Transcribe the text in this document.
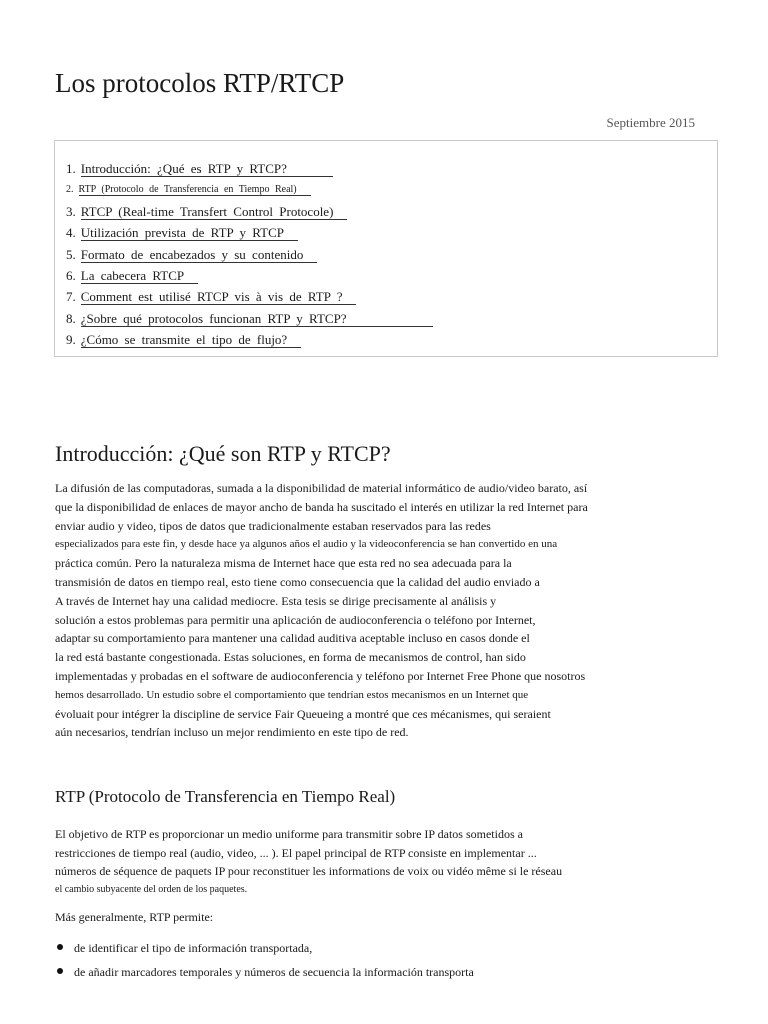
Los protocolos RTP/RTCP
Septiembre 2015
1. Introducción: ¿Qué es RTP y RTCP?
2. RTP (Protocolo de Transferencia en Tiempo Real)
3. RTCP (Real-time Transfert Control Protocole)
4. Utilización prevista de RTP y RTCP
5. Formato de encabezados y su contenido
6. La cabecera RTCP
7. Comment est utilisé RTCP vis à vis de RTP ?
8. ¿Sobre qué protocolos funcionan RTP y RTCP?
9. ¿Cómo se transmite el tipo de flujo?
Introducción: ¿Qué son RTP y RTCP?
La difusión de las computadoras, sumada a la disponibilidad de material informático de audio/video barato, así
que la disponibilidad de enlaces de mayor ancho de banda ha suscitado el interés en utilizar la red Internet para
enviar audio y video, tipos de datos que tradicionalmente estaban reservados para las redes
especializados para este fin, y desde hace ya algunos años el audio y la videoconferencia se han convertido en una
práctica común. Pero la naturaleza misma de Internet hace que esta red no sea adecuada para la
transmisión de datos en tiempo real, esto tiene como consecuencia que la calidad del audio enviado a
A través de Internet hay una calidad mediocre. Esta tesis se dirige precisamente al análisis y
solución a estos problemas para permitir una aplicación de audioconferencia o teléfono por Internet,
adaptar su comportamiento para mantener una calidad auditiva aceptable incluso en casos donde el
la red está bastante congestionada. Estas soluciones, en forma de mecanismos de control, han sido
implementadas y probadas en el software de audioconferencia y teléfono por Internet Free Phone que nosotros
hemos desarrollado. Un estudio sobre el comportamiento que tendrían estos mecanismos en un Internet que
évoluait pour intégrer la discipline de service Fair Queueing a montré que ces mécanismes, qui seraient
aún necesarios, tendrían incluso un mejor rendimiento en este tipo de red.
RTP (Protocolo de Transferencia en Tiempo Real)
El objetivo de RTP es proporcionar un medio uniforme para transmitir sobre IP datos sometidos a
restricciones de tiempo real (audio, video, ... ). El papel principal de RTP consiste en implementar ...
números de séquence de paquets IP pour reconstituer les informations de voix ou vidéo même si le réseau
el cambio subyacente del orden de los paquetes.

Más generalmente, RTP permite:

de identificar el tipo de información transportada,
de añadir marcadores temporales y números de secuencia la información transporta
